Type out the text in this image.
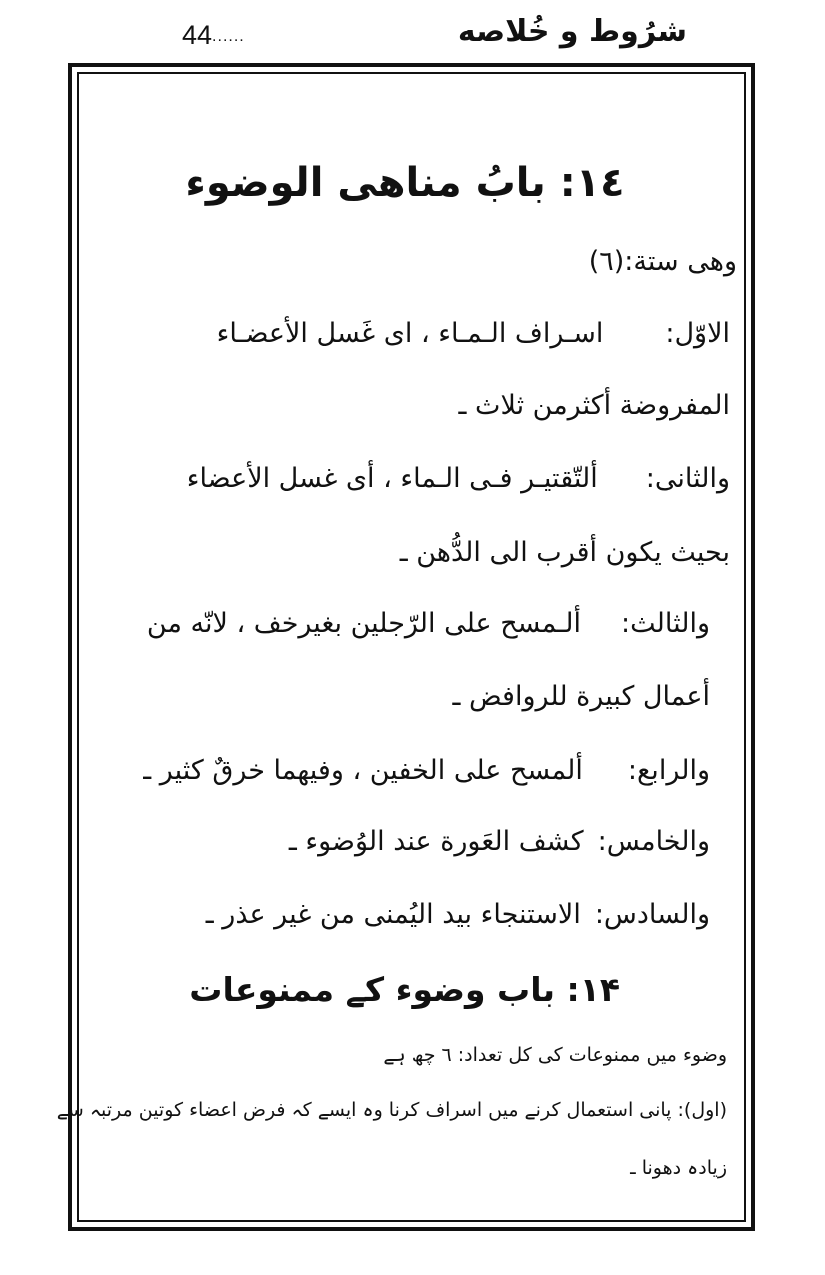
44......	شرُوط و خُلاصه
١٤: بابُ مناهی الوضوء
وهی ستة:(٦)
الاوّل:اسـراف الـمـاء ، ای غَسل الأعضـاء
المفروضة أكثرمن ثلاث ـ
والثانی:ألتّقتيـر فـی الـماء ، أی غسل الأعضاء
بحيث يكون أقرب الی الدُّهن ـ
والثالث:ألـمسح علی الرّجلين بغيرخف ، لانّه من
أعمال كبيرة للروافض ـ
والرابع:ألمسح علی الخفين ، وفيهما خرقٌ كثير ـ
والخامس:كشف العَورة عند الوُضوء ـ
والسادس:الاستنجاء بيد اليُمنی من غير عذر ـ
۱۴: باب وضوء کے ممنوعات
وضوء میں ممنوعات کی کل تعداد: ٦ چھ ہے
(اول): پانی استعمال کرنے میں اسراف کرنا وہ ایسے کہ فرض اعضاء کوتین مرتبہ سے
زیادہ دھونا ـ
